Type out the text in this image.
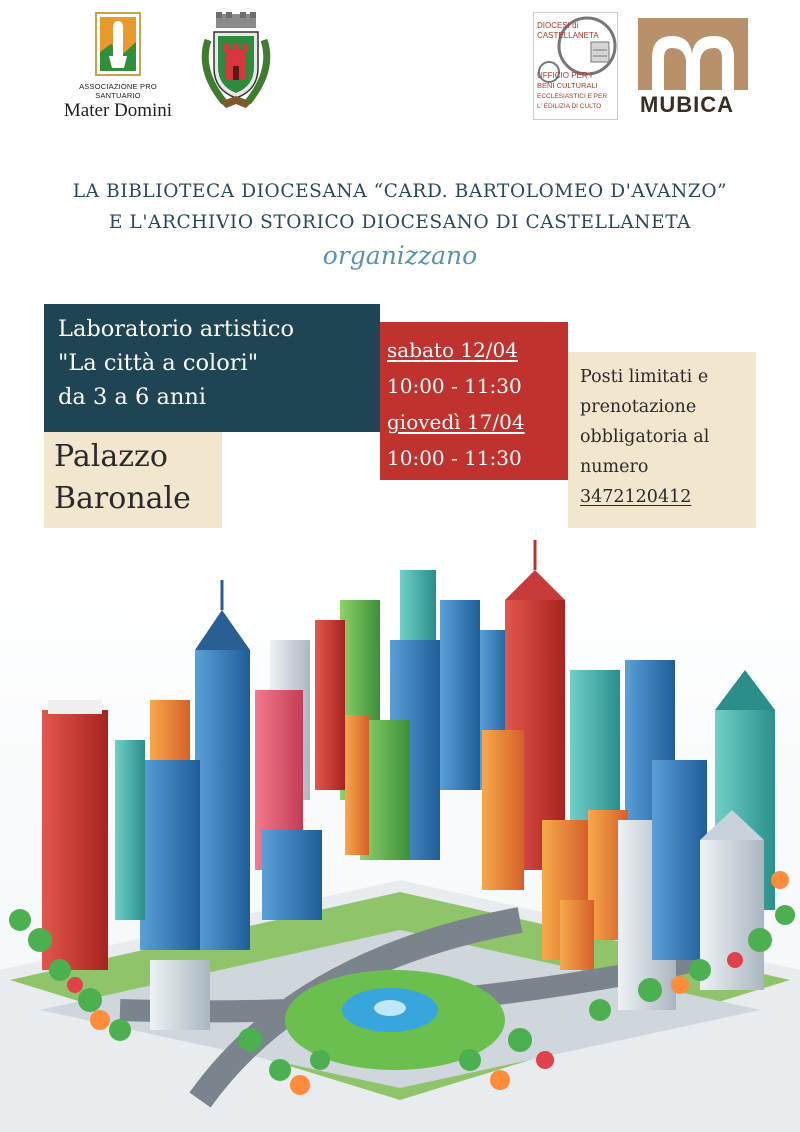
ASSOCIAZIONE PRO SANTUARIO
Mater Domini
DIOCESI di
CASTELLANETA
UFFICIO PER I
BENI CULTURALI
ECCLESIASTICI E PER
L' EDILIZIA DI CULTO MUBICA
LA BIBLIOTECA DIOCESANA “CARD. BARTOLOMEO D'AVANZO”
E L'ARCHIVIO STORICO DIOCESANO DI CASTELLANETA
organizzano
Laboratorio artistico
"La città a colori"
da 3 a 6 anni
Palazzo
Baronale
sabato 12/04
10:00 - 11:30
giovedì 17/04
10:00 - 11:30
Posti limitati e
prenotazione
obbligatoria al
numero
3472120412
